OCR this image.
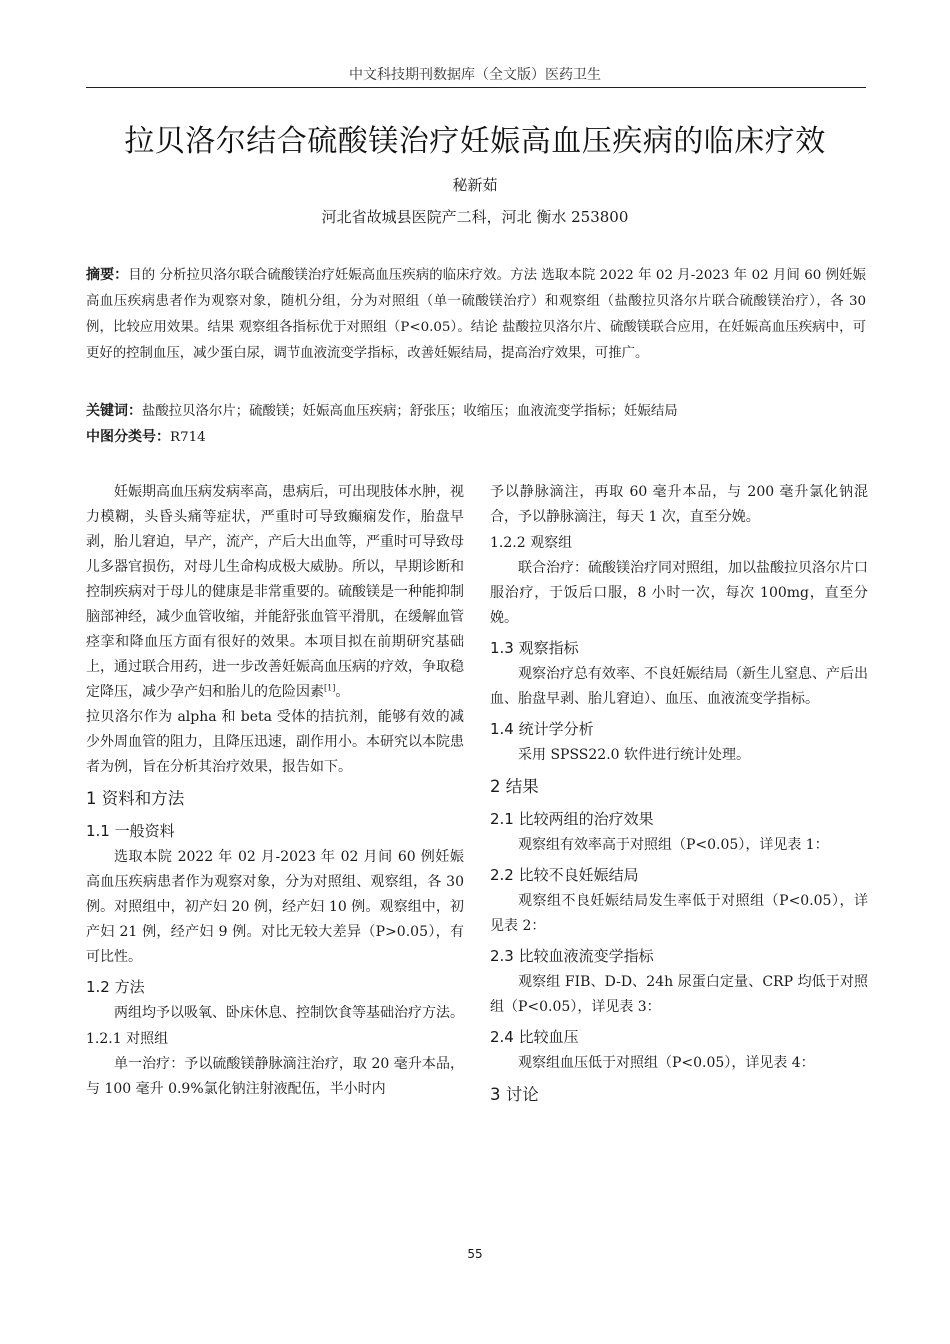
中文科技期刊数据库（全文版）医药卫生
拉贝洛尔结合硫酸镁治疗妊娠高血压疾病的临床疗效
秘新茹
河北省故城县医院产二科，河北 衡水 253800
摘要：目的 分析拉贝洛尔联合硫酸镁治疗妊娠高血压疾病的临床疗效。方法 选取本院 2022 年 02 月-2023 年 02 月间 60 例妊娠高血压疾病患者作为观察对象，随机分组，分为对照组（单一硫酸镁治疗）和观察组（盐酸拉贝洛尔片联合硫酸镁治疗），各 30 例，比较应用效果。结果 观察组各指标优于对照组（P<0.05）。结论 盐酸拉贝洛尔片、硫酸镁联合应用，在妊娠高血压疾病中，可更好的控制血压，减少蛋白尿，调节血液流变学指标，改善妊娠结局，提高治疗效果，可推广。
关键词：盐酸拉贝洛尔片；硫酸镁；妊娠高血压疾病；舒张压；收缩压；血液流变学指标；妊娠结局
中图分类号：R714

妊娠期高血压病发病率高，患病后，可出现肢体水肿，视力模糊，头昏头痛等症状，严重时可导致癫痫发作，胎盘早剥，胎儿窘迫，早产，流产，产后大出血等，严重时可导致母儿多器官损伤，对母儿生命构成极大威胁。所以，早期诊断和控制疾病对于母儿的健康是非常重要的。硫酸镁是一种能抑制脑部神经，减少血管收缩，并能舒张血管平滑肌，在缓解血管痉挛和降血压方面有很好的效果。本项目拟在前期研究基础上，通过联合用药，进一步改善妊娠高血压病的疗效，争取稳定降压，减少孕产妇和胎儿的危险因素[1]。

拉贝洛尔作为 alpha 和 beta 受体的拮抗剂，能够有效的减少外周血管的阻力，且降压迅速，副作用小。本研究以本院患者为例，旨在分析其治疗效果，报告如下。

1 资料和方法
1.1 一般资料

选取本院 2022 年 02 月-2023 年 02 月间 60 例妊娠高血压疾病患者作为观察对象，分为对照组、观察组，各 30 例。对照组中，初产妇 20 例，经产妇 10 例。观察组中，初产妇 21 例，经产妇 9 例。对比无较大差异（P>0.05），有可比性。

1.2 方法

两组均予以吸氧、卧床休息、控制饮食等基础治疗方法。

1.2.1 对照组

单一治疗：予以硫酸镁静脉滴注治疗，取 20 毫升本品，与 100 毫升 0.9%氯化钠注射液配伍，半小时内

予以静脉滴注，再取 60 毫升本品，与 200 毫升氯化钠混合，予以静脉滴注，每天 1 次，直至分娩。

1.2.2 观察组

联合治疗：硫酸镁治疗同对照组，加以盐酸拉贝洛尔片口服治疗，于饭后口服，8 小时一次，每次 100mg，直至分娩。

1.3 观察指标

观察治疗总有效率、不良妊娠结局（新生儿窒息、产后出血、胎盘早剥、胎儿窘迫）、血压、血液流变学指标。

1.4 统计学分析

采用 SPSS22.0 软件进行统计处理。

2 结果
2.1 比较两组的治疗效果

观察组有效率高于对照组（P<0.05），详见表 1：

2.2 比较不良妊娠结局

观察组不良妊娠结局发生率低于对照组（P<0.05），详见表 2：

2.3 比较血液流变学指标

观察组 FIB、D-D、24h 尿蛋白定量、CRP 均低于对照组（P<0.05），详见表 3：

2.4 比较血压

观察组血压低于对照组（P<0.05），详见表 4：

3 讨论
55
